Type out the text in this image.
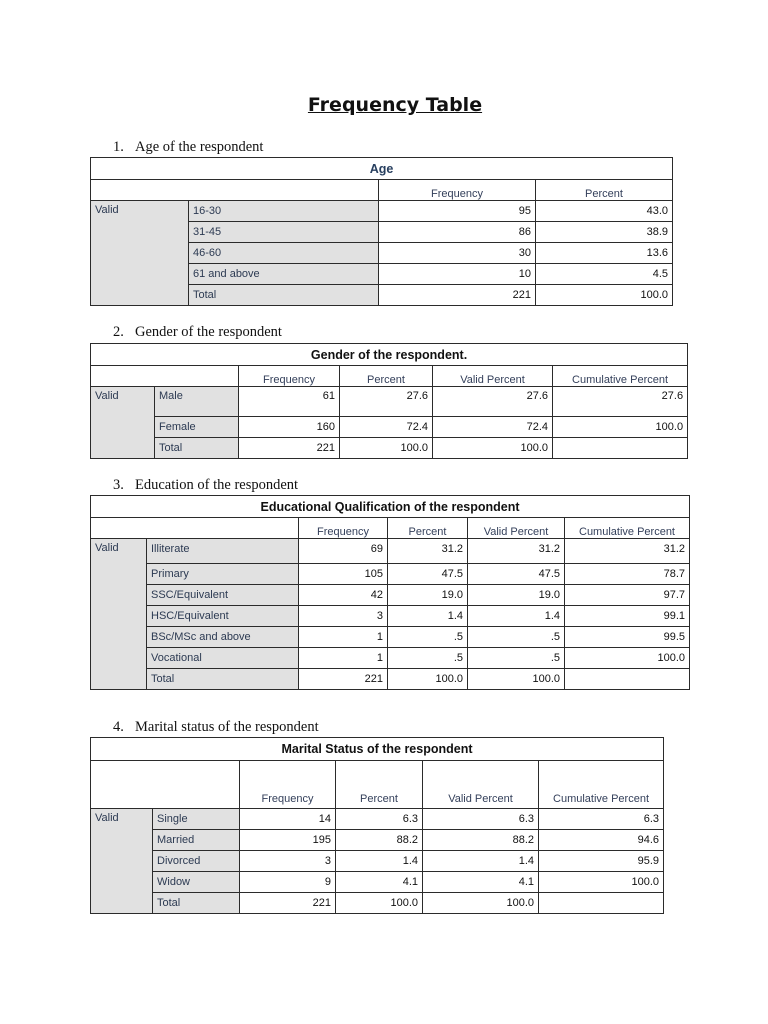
Frequency Table
1. Age of the respondent
Age			
		Frequency	Percent
Valid	16-30	95	43.0
	31-45	86	38.9
	46-60	30	13.6
	61 and above	10	4.5
	Total	221	100.0
2. Gender of the respondent
Gender of the respondent.					
		Frequency	Percent	Valid Percent	Cumulative Percent
Valid	Male	61	27.6	27.6	27.6
	Female	160	72.4	72.4	100.0
	Total	221	100.0	100.0	
3. Education of the respondent
Educational Qualification of the respondent					
		Frequency	Percent	Valid Percent	Cumulative Percent
Valid	Illiterate	69	31.2	31.2	31.2
	Primary	105	47.5	47.5	78.7
	SSC/Equivalent	42	19.0	19.0	97.7
	HSC/Equivalent	3	1.4	1.4	99.1
	BSc/MSc and above	1	.5	.5	99.5
	Vocational	1	.5	.5	100.0
	Total	221	100.0	100.0	
4. Marital status of the respondent
Marital Status of the respondent					
		Frequency	Percent	Valid Percent	Cumulative Percent
Valid	Single	14	6.3	6.3	6.3
	Married	195	88.2	88.2	94.6
	Divorced	3	1.4	1.4	95.9
	Widow	9	4.1	4.1	100.0
	Total	221	100.0	100.0	
